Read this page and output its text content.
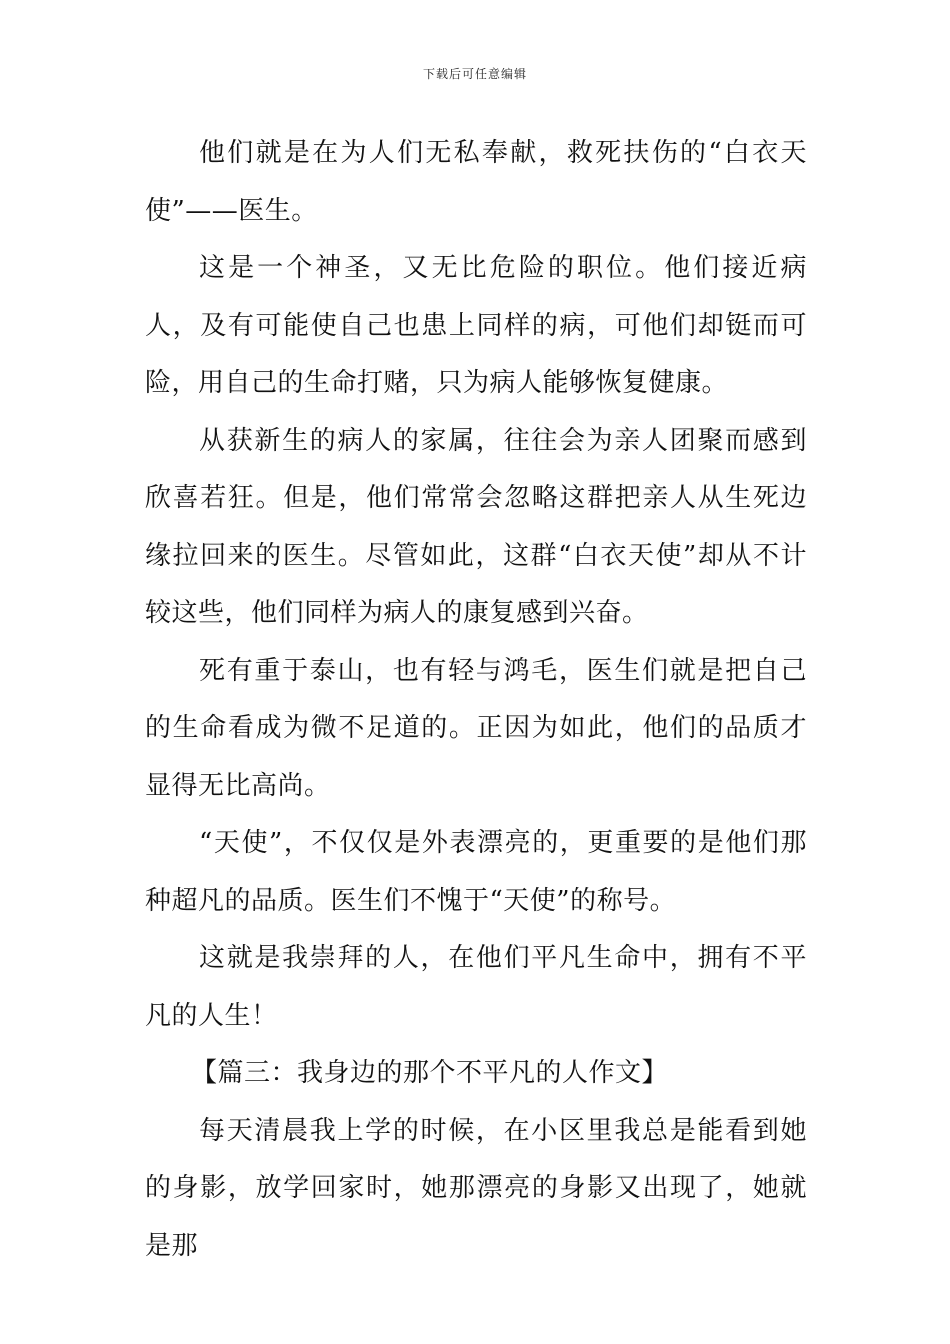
下载后可任意编辑

他们就是在为人们无私奉献，救死扶伤的“白衣天使”——医生。

这是一个神圣，又无比危险的职位。他们接近病人，及有可能使自己也患上同样的病，可他们却铤而可险，用自己的生命打赌，只为病人能够恢复健康。

从获新生的病人的家属，往往会为亲人团聚而感到欣喜若狂。但是，他们常常会忽略这群把亲人从生死边缘拉回来的医生。尽管如此，这群“白衣天使”却从不计较这些，他们同样为病人的康复感到兴奋。

死有重于泰山，也有轻与鸿毛，医生们就是把自己的生命看成为微不足道的。正因为如此，他们的品质才显得无比高尚。

“天使”，不仅仅是外表漂亮的，更重要的是他们那种超凡的品质。医生们不愧于“天使”的称号。

这就是我崇拜的人，在他们平凡生命中，拥有不平凡的人生！

【篇三：我身边的那个不平凡的人作文】

每天清晨我上学的时候，在小区里我总是能看到她的身影，放学回家时，她那漂亮的身影又出现了，她就是那
